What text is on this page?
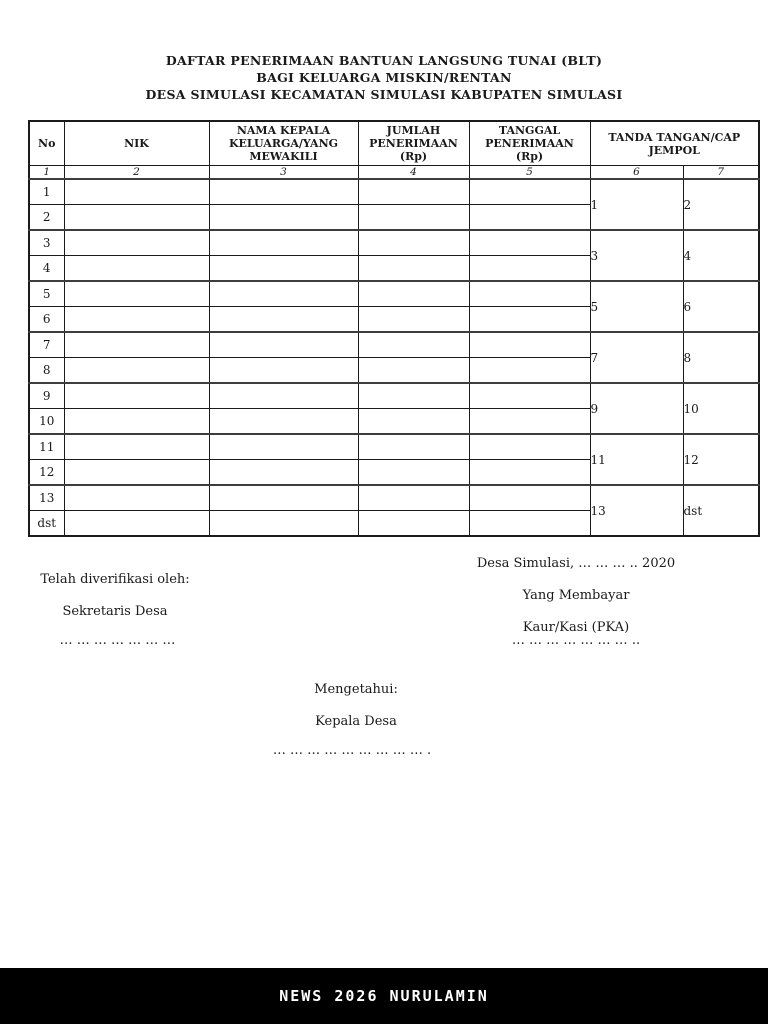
DAFTAR PENERIMAAN BANTUAN LANGSUNG TUNAI (BLT)
BAGI KELUARGA MISKIN/RENTAN
DESA SIMULASI KECAMATAN SIMULASI KABUPATEN SIMULASI
No	NIK	NAMA KEPALA KELUARGA/YANG MEWAKILI	JUMLAH PENERIMAAN (Rp)	TANGGAL PENERIMAAN (Rp)	TANDA TANGAN/CAP JEMPOL	
1	2	3	4	5	6	7
1					1	2
2						
3					3	4
4						
5					5	6
6						
7					7	8
8						
9					9	10
10						
11					11	12
12						
13					13	dst
dst						

Telah diverifikasi oleh:

Sekretaris Desa

Desa Simulasi, … … … .. 2020

Yang Membayar

Kaur/Kasi (PKA)

… … … … … … …	… … … … … … … ..

Mengetahui:

Kepala Desa

… … … … … … … … … .
NEWS 2026 NURULAMIN
